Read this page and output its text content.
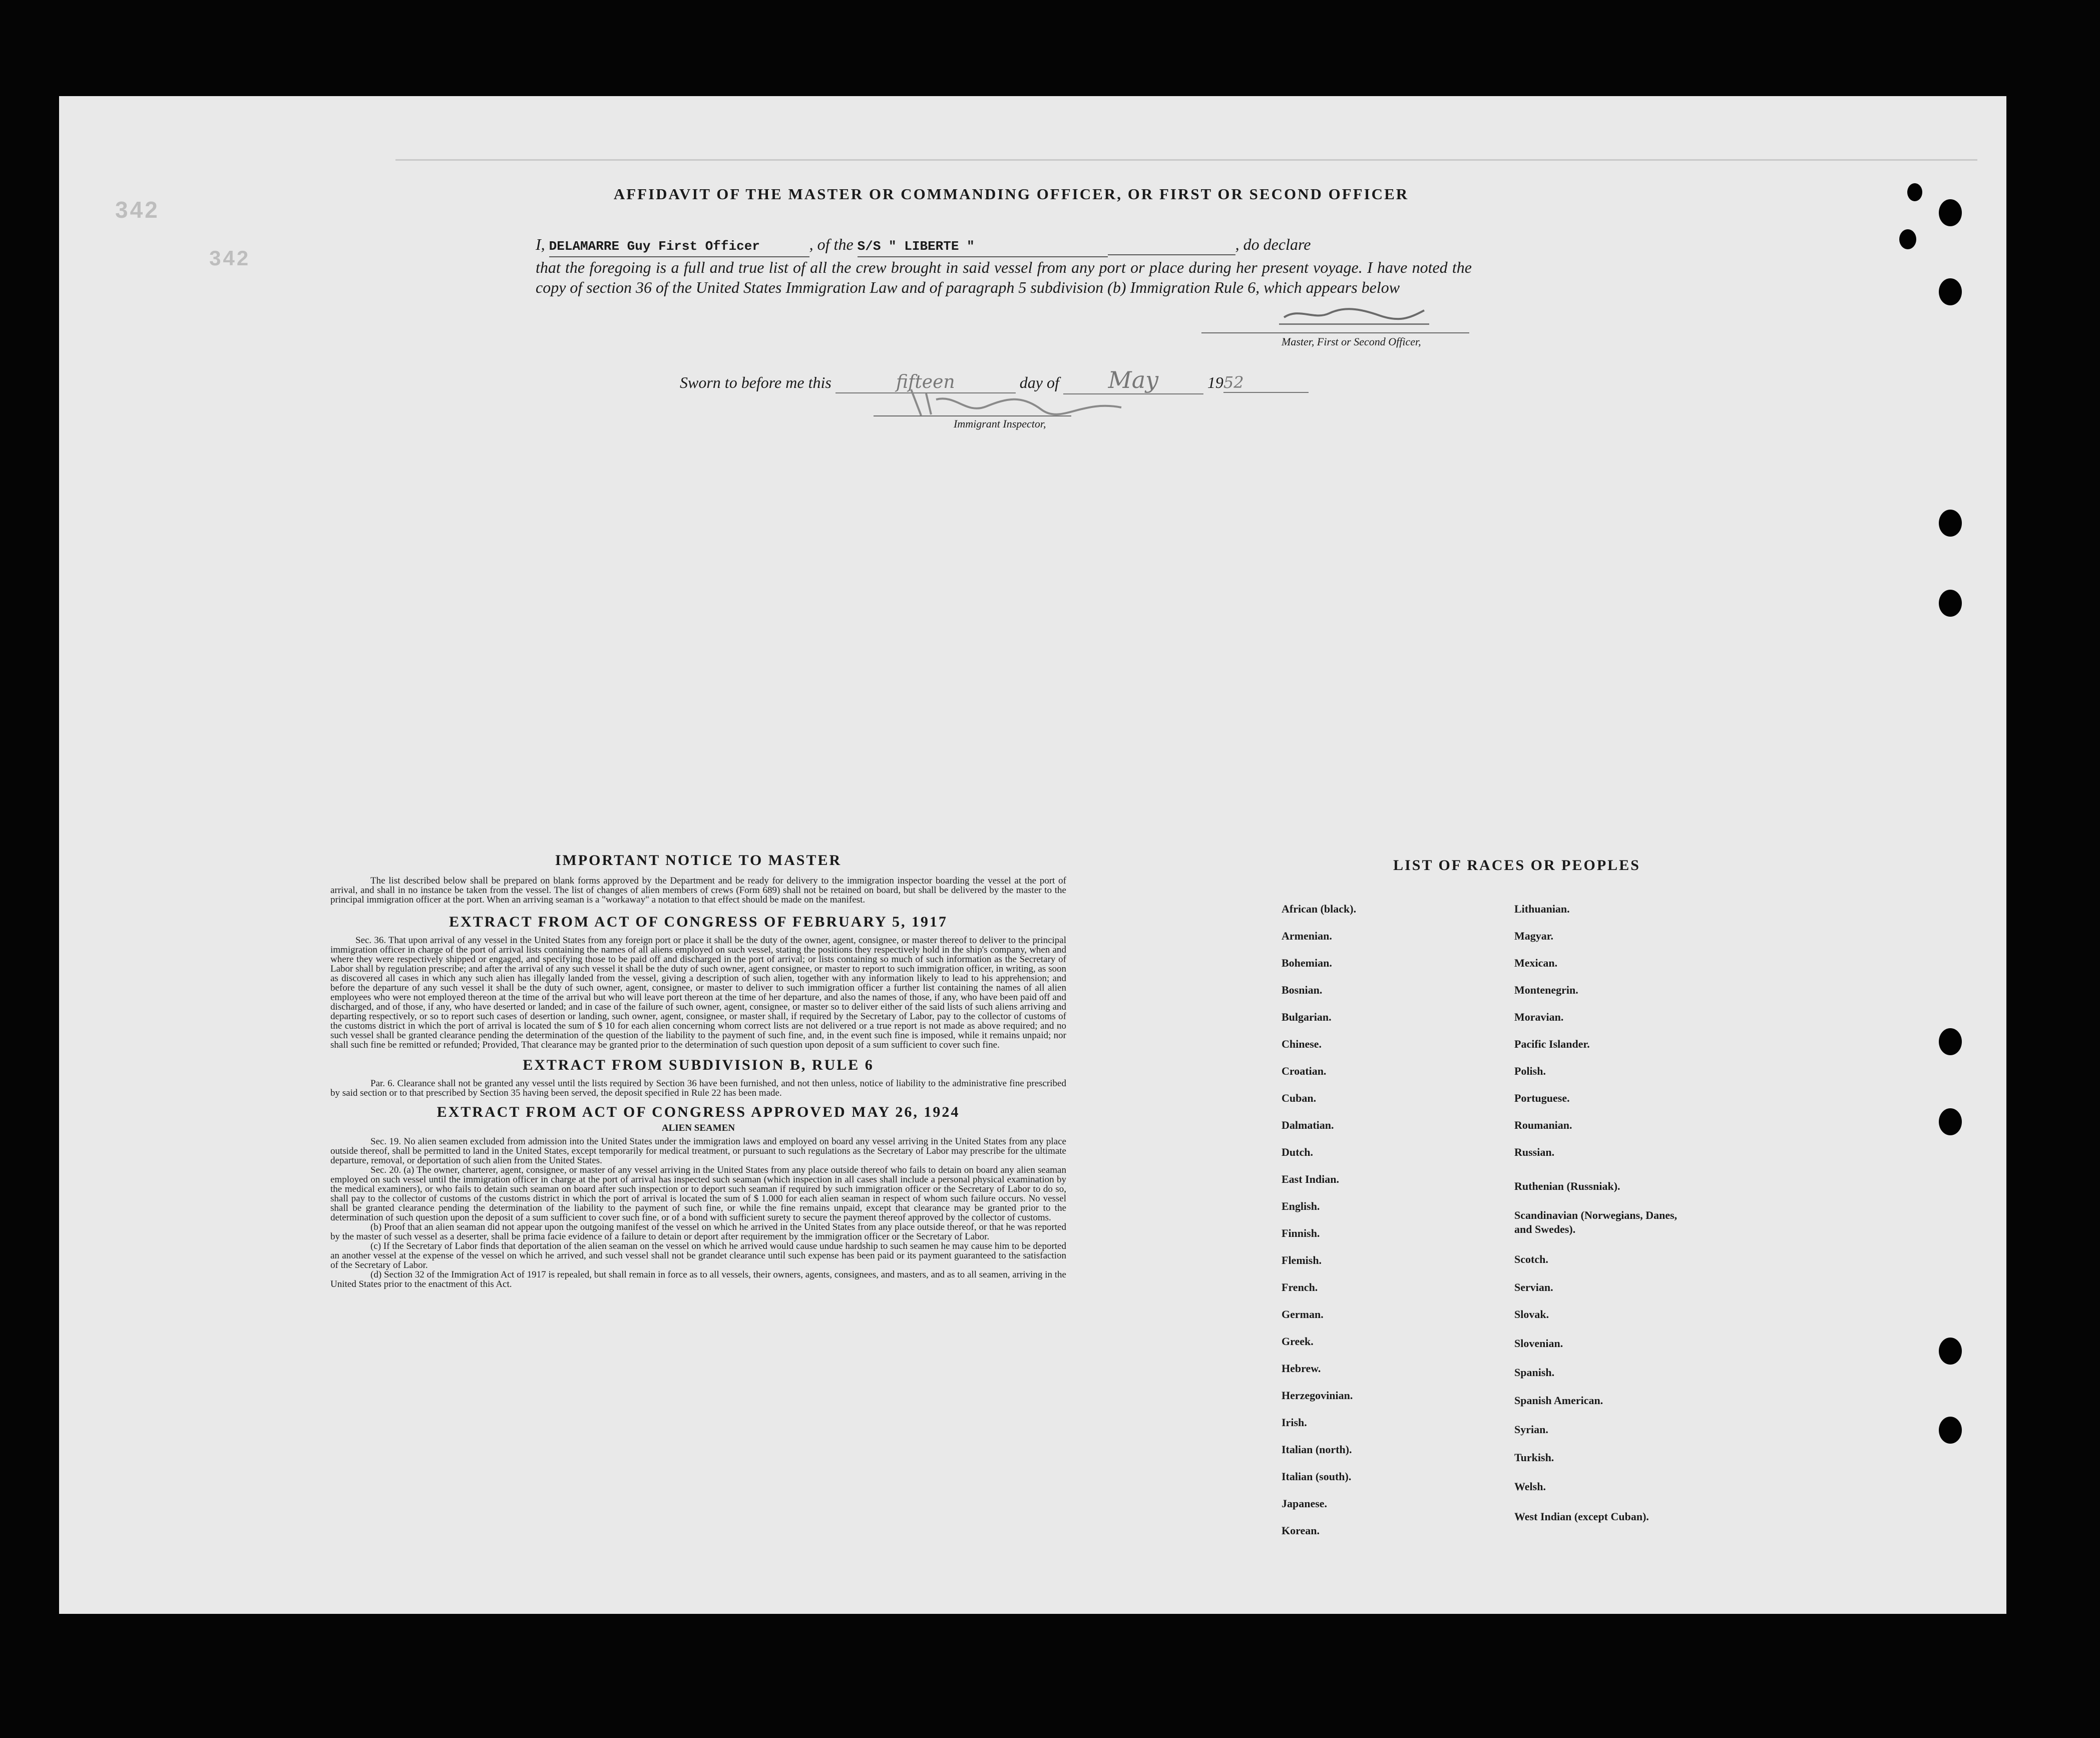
342
342
AFFIDAVIT OF THE MASTER OR COMMANDING OFFICER, OR FIRST OR SECOND OFFICER
I, DELAMARRE Guy First Officer	, of the S/S " LIBERTE "	, do declare
that the foregoing is a full and true list of all the crew brought in said vessel from any port or place during her present voyage. I have noted the copy of section 36 of the United States Immigration Law and of paragraph 5 subdivision (b) Immigration Rule 6, which appears below
Master, First or Second Officer,
Sworn to before me this	fifteen	day of May	1952
Immigrant Inspector,
IMPORTANT NOTICE TO MASTER
The list described below shall be prepared on blank forms approved by the Department and be ready for delivery to the immigration inspector boarding the vessel at the port of arrival, and shall in no instance be taken from the vessel. The list of changes of alien members of crews (Form 689) shall not be retained on board, but shall be delivered by the master to the principal immigration officer at the port. When an arriving seaman is a "workaway" a notation to that effect should be made on the manifest.
EXTRACT FROM ACT OF CONGRESS OF FEBRUARY 5, 1917
Sec. 36. That upon arrival of any vessel in the United States from any foreign port or place it shall be the duty of the owner, agent, consignee, or master thereof to deliver to the principal immigration officer in charge of the port of arrival lists containing the names of all aliens employed on such vessel, stating the positions they respectively hold in the ship's company, when and where they were respectively shipped or engaged, and specifying those to be paid off and discharged in the port of arrival; or lists containing so much of such information as the Secretary of Labor shall by regulation prescribe; and after the arrival of any such vessel it shall be the duty of such owner, agent consignee, or master to report to such immigration officer, in writing, as soon as discovered all cases in which any such alien has illegally landed from the vessel, giving a description of such alien, together with any information likely to lead to his apprehension; and before the departure of any such vessel it shall be the duty of such owner, agent, consignee, or master to deliver to such immigration officer a further list containing the names of all alien employees who were not employed thereon at the time of the arrival but who will leave port thereon at the time of her departure, and also the names of those, if any, who have been paid off and discharged, and of those, if any, who have deserted or landed; and in case of the failure of such owner, agent, consignee, or master so to deliver either of the said lists of such aliens arriving and departing respectively, or so to report such cases of desertion or landing, such owner, agent, consignee, or master shall, if required by the Secretary of Labor, pay to the collector of customs of the customs district in which the port of arrival is located the sum of $ 10 for each alien concerning whom correct lists are not delivered or a true report is not made as above required; and no such vessel shall be granted clearance pending the determination of the question of the liability to the payment of such fine, and, in the event such fine is imposed, while it remains unpaid; nor shall such fine be remitted or refunded; Provided, That clearance may be granted prior to the determination of such question upon deposit of a sum sufficient to cover such fine.
EXTRACT FROM SUBDIVISION B, RULE 6
Par. 6. Clearance shall not be granted any vessel until the lists required by Section 36 have been furnished, and not then unless, notice of liability to the administrative fine prescribed by said section or to that prescribed by Section 35 having been served, the deposit specified in Rule 22 has been made.
EXTRACT FROM ACT OF CONGRESS APPROVED MAY 26, 1924
ALIEN SEAMEN
Sec. 19. No alien seamen excluded from admission into the United States under the immigration laws and employed on board any vessel arriving in the United States from any place outside thereof, shall be permitted to land in the United States, except temporarily for medical treatment, or pursuant to such regulations as the Secretary of Labor may prescribe for the ultimate departure, removal, or deportation of such alien from the United States.
Sec. 20. (a) The owner, charterer, agent, consignee, or master of any vessel arriving in the United States from any place outside thereof who fails to detain on board any alien seaman employed on such vessel until the immigration officer in charge at the port of arrival has inspected such seaman (which inspection in all cases shall include a personal physical examination by the medical examiners), or who fails to detain such seaman on board after such inspection or to deport such seaman if required by such immigration officer or the Secretary of Labor to do so, shall pay to the collector of customs of the customs district in which the port of arrival is located the sum of $ 1.000 for each alien seaman in respect of whom such failure occurs. No vessel shall be granted clearance pending the determination of the liability to the payment of such fine, or while the fine remains unpaid, except that clearance may be granted prior to the determination of such question upon the deposit of a sum sufficient to cover such fine, or of a bond with sufficient surety to secure the payment thereof approved by the collector of customs.
(b) Proof that an alien seaman did not appear upon the outgoing manifest of the vessel on which he arrived in the United States from any place outside thereof, or that he was reported by the master of such vessel as a deserter, shall be prima facie evidence of a failure to detain or deport after requirement by the immigration officer or the Secretary of Labor.
(c) If the Secretary of Labor finds that deportation of the alien seaman on the vessel on which he arrived would cause undue hardship to such seamen he may cause him to be deported an another vessel at the expense of the vessel on which he arrived, and such vessel shall not be grandet clearance until such expense has been paid or its payment guaranteed to the satisfaction of the Secretary of Labor.
(d) Section 32 of the Immigration Act of 1917 is repealed, but shall remain in force as to all vessels, their owners, agents, consignees, and masters, and as to all seamen, arriving in the United States prior to the enactment of this Act.
LIST OF RACES OR PEOPLES
African (black).
Armenian.
Bohemian.
Bosnian.
Bulgarian.
Chinese.
Croatian.
Cuban.
Dalmatian.
Dutch.
East Indian.
English.
Finnish.
Flemish.
French.
German.
Greek.
Hebrew.
Herzegovinian.
Irish.
Italian (north).
Italian (south).
Japanese.
Korean.
Lithuanian.
Magyar.
Mexican.
Montenegrin.
Moravian.
Pacific Islander.
Polish.
Portuguese.
Roumanian.
Russian.
Ruthenian (Russniak).
Scandinavian (Norwegians, Danes, and Swedes).
Scotch.
Servian.
Slovak.
Slovenian.
Spanish.
Spanish American.
Syrian.
Turkish.
Welsh.
West Indian (except Cuban).
